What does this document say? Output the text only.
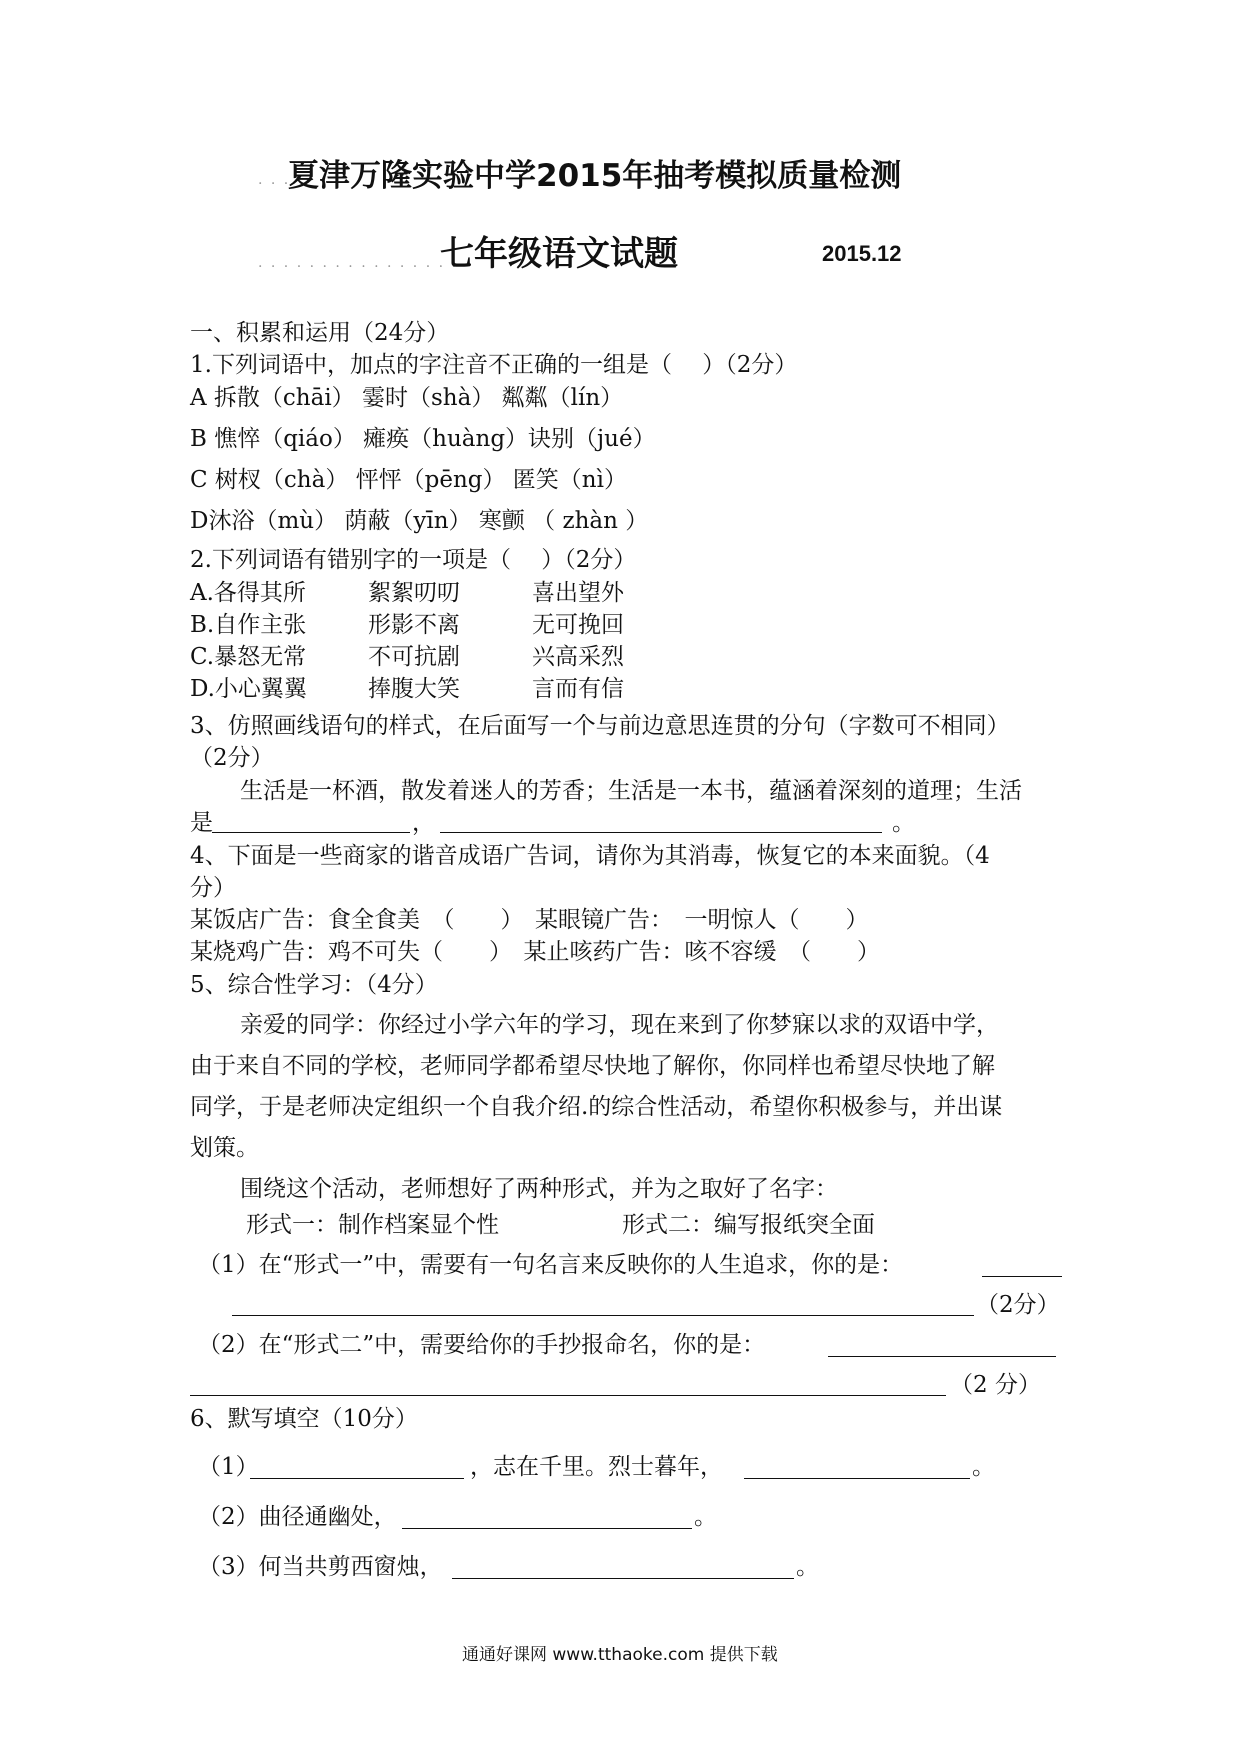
. . .
夏津万隆实验中学2015年抽考模拟质量检测
. . . . . . . . . . . . . . . .
七年级语文试题	2015.12
一、积累和运用（24分）
1.下列词语中，加点的字注音不正确的一组是（　 ）（2分）
A 拆散（chāi） 霎时（shà） 粼粼（lín）
B 憔悴（qiáo） 瘫痪（huàng）诀别（jué）
C 树杈（chà） 怦怦（pēng） 匿笑（nì）
D沐浴（mù） 荫蔽（yīn） 寒颤 （ zhàn ）
2.下列词语有错别字的一项是（　 ）（2分）
A.各得其所	絮絮叨叨	喜出望外
B.自作主张	形影不离	无可挽回
C.暴怒无常	不可抗剧	兴高采烈
D.小心翼翼	捧腹大笑	言而有信
3、仿照画线语句的样式，在后面写一个与前边意思连贯的分句（字数可不相同）
（2分）
生活是一杯酒，散发着迷人的芳香；生活是一本书，蕴涵着深刻的道理；生活
是	，	。
4、下面是一些商家的谐音成语广告词，请你为其消毒，恢复它的本来面貌。（4
分）
某饭店广告：食全食美　（　　）　某眼镜广告：　一明惊人（　　）
某烧鸡广告：鸡不可失（　　）　某止咳药广告：咳不容缓　（　　）
5、综合性学习：（4分）
亲爱的同学：你经过小学六年的学习，现在来到了你梦寐以求的双语中学，
由于来自不同的学校，老师同学都希望尽快地了解你，你同样也希望尽快地了解
同学，于是老师决定组织一个自我介绍.的综合性活动，希望你积极参与，并出谋
划策。
围绕这个活动，老师想好了两种形式，并为之取好了名字：
形式一：制作档案显个性	形式二：编写报纸突全面
（1）在“形式一”中，需要有一句名言来反映你的人生追求，你的是：
（2分）
（2）在“形式二”中，需要给你的手抄报命名，你的是：
（2 分）
6、默写填空（10分）
（1）	，志在千里。烈士暮年，	。
（2）曲径通幽处，	。
（3）何当共剪西窗烛，	。
通通好课网 www.tthaoke.com 提供下载
